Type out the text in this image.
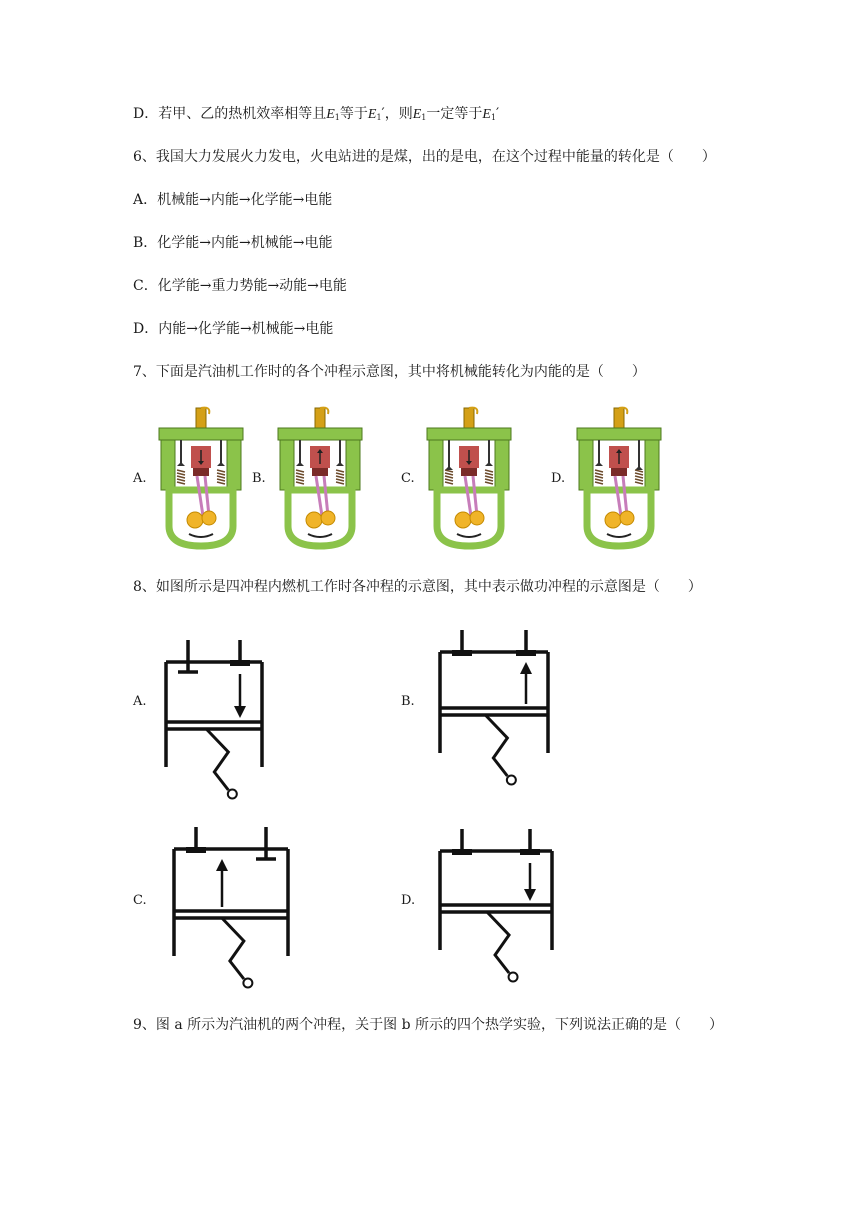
D．若甲、乙的热机效率相等且$E_1$等于$E_1'$，则$E_1$一定等于$E_1'$
6、我国大力发展火力发电，火电站进的是煤，出的是电，在这个过程中能量的转化是（　　）
A．机械能→内能→化学能→电能
B．化学能→内能→机械能→电能
C．化学能→重力势能→动能→电能
D．内能→化学能→机械能→电能
7、下面是汽油机工作时的各个冲程示意图，其中将机械能转化为内能的是（　　）
A.	B.	C.	D.
8、如图所示是四冲程内燃机工作时各冲程的示意图，其中表示做功冲程的示意图是（　　）
A.	B.
C.	D.
9、图 a 所示为汽油机的两个冲程，关于图 b 所示的四个热学实验，下列说法正确的是（　　）
